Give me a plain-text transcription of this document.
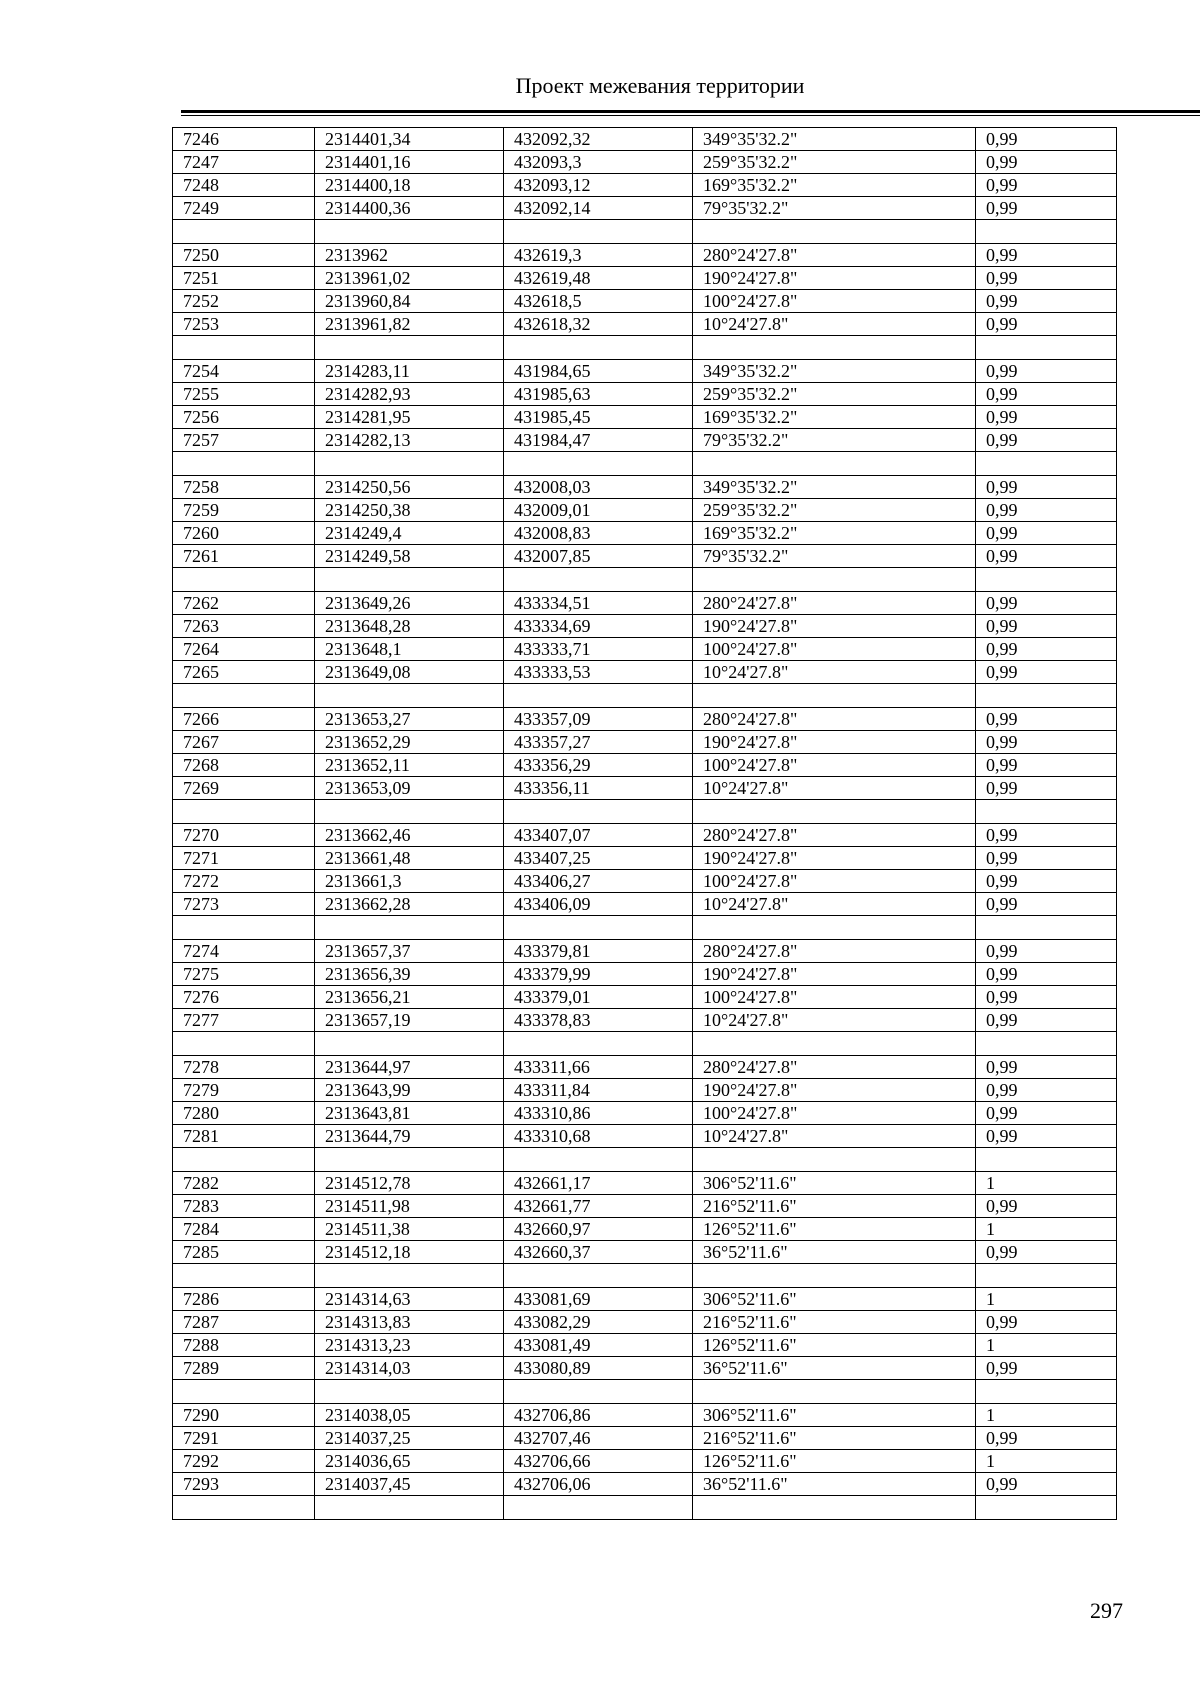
Проект межевания территории
7246	2314401,34	432092,32	349°35'32.2"	0,99
7247	2314401,16	432093,3	259°35'32.2"	0,99
7248	2314400,18	432093,12	169°35'32.2"	0,99
7249	2314400,36	432092,14	79°35'32.2"	0,99

7250	2313962	432619,3	280°24'27.8"	0,99
7251	2313961,02	432619,48	190°24'27.8"	0,99
7252	2313960,84	432618,5	100°24'27.8"	0,99
7253	2313961,82	432618,32	10°24'27.8"	0,99

7254	2314283,11	431984,65	349°35'32.2"	0,99
7255	2314282,93	431985,63	259°35'32.2"	0,99
7256	2314281,95	431985,45	169°35'32.2"	0,99
7257	2314282,13	431984,47	79°35'32.2"	0,99

7258	2314250,56	432008,03	349°35'32.2"	0,99
7259	2314250,38	432009,01	259°35'32.2"	0,99
7260	2314249,4	432008,83	169°35'32.2"	0,99
7261	2314249,58	432007,85	79°35'32.2"	0,99

7262	2313649,26	433334,51	280°24'27.8"	0,99
7263	2313648,28	433334,69	190°24'27.8"	0,99
7264	2313648,1	433333,71	100°24'27.8"	0,99
7265	2313649,08	433333,53	10°24'27.8"	0,99

7266	2313653,27	433357,09	280°24'27.8"	0,99
7267	2313652,29	433357,27	190°24'27.8"	0,99
7268	2313652,11	433356,29	100°24'27.8"	0,99
7269	2313653,09	433356,11	10°24'27.8"	0,99

7270	2313662,46	433407,07	280°24'27.8"	0,99
7271	2313661,48	433407,25	190°24'27.8"	0,99
7272	2313661,3	433406,27	100°24'27.8"	0,99
7273	2313662,28	433406,09	10°24'27.8"	0,99

7274	2313657,37	433379,81	280°24'27.8"	0,99
7275	2313656,39	433379,99	190°24'27.8"	0,99
7276	2313656,21	433379,01	100°24'27.8"	0,99
7277	2313657,19	433378,83	10°24'27.8"	0,99

7278	2313644,97	433311,66	280°24'27.8"	0,99
7279	2313643,99	433311,84	190°24'27.8"	0,99
7280	2313643,81	433310,86	100°24'27.8"	0,99
7281	2313644,79	433310,68	10°24'27.8"	0,99

7282	2314512,78	432661,17	306°52'11.6"	1
7283	2314511,98	432661,77	216°52'11.6"	0,99
7284	2314511,38	432660,97	126°52'11.6"	1
7285	2314512,18	432660,37	36°52'11.6"	0,99

7286	2314314,63	433081,69	306°52'11.6"	1
7287	2314313,83	433082,29	216°52'11.6"	0,99
7288	2314313,23	433081,49	126°52'11.6"	1
7289	2314314,03	433080,89	36°52'11.6"	0,99

7290	2314038,05	432706,86	306°52'11.6"	1
7291	2314037,25	432707,46	216°52'11.6"	0,99
7292	2314036,65	432706,66	126°52'11.6"	1
7293	2314037,45	432706,06	36°52'11.6"	0,99

297
